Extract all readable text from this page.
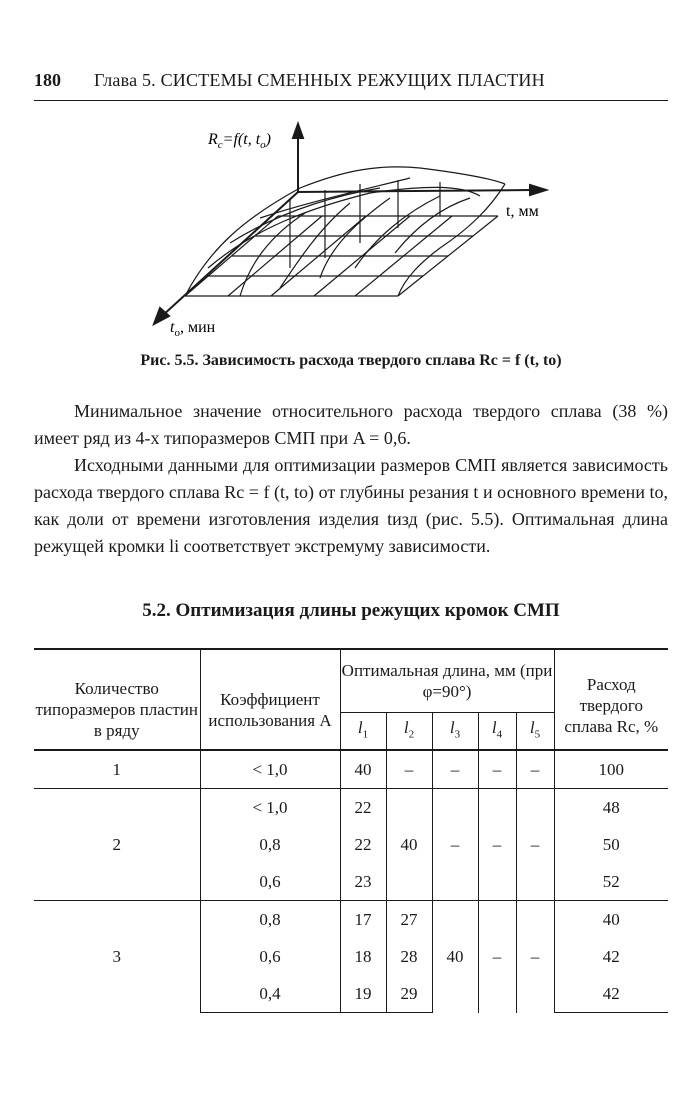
180 Глава 5. СИСТЕМЫ СМЕННЫХ РЕЖУЩИХ ПЛАСТИН
$R_c=f(t$, $t_o$)
t, мм
$t_o$, мин
Рис. 5.5. Зависимость расхода твердого сплава Rc = f (t, to)

Минимальное значение относительного расхода твердого сплава (38 %) имеет ряд из 4-х типоразмеров СМП при A = 0,6.

Исходными данными для оптимизации размеров СМП является зависимость расхода твердого сплава Rc = f (t, to) от глубины резания t и основного времени to, как доли от времени изготовления изделия tизд (рис. 5.5). Оптимальная длина режущей кромки li соответствует экстремуму зависимости.

5.2. Оптимизация длины режущих кромок СМП
Количество типоразмеров пластин в ряду	Коэффициент использования A	Оптимальная длина, мм (при φ=90°)					Расход твердого сплава Rc, %
		$l_1$	$l_2$	$l_3$	$l_4$	$l_5$
1	< 1,0	40	–	–	–	–	100
2	< 1,0	22	40	–	–	–	48
	0,8	22					50
	0,6	23					52
3	0,8	17	27	40	–	–	40
	0,6	18	28				42
	0,4	19	29				42
